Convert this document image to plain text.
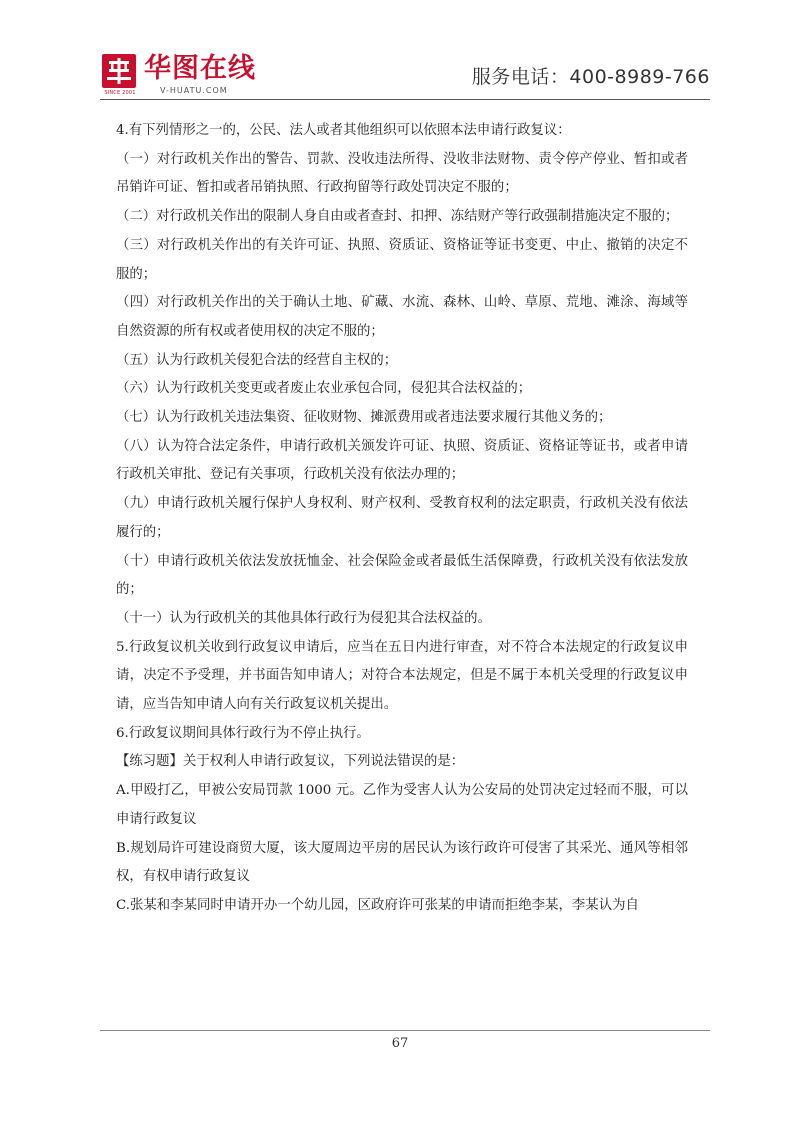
SINCE 2001
华图在线
V-HUATU.COM
服务电话：400-8989-766

4.有下列情形之一的，公民、法人或者其他组织可以依照本法申请行政复议：

（一）对行政机关作出的警告、罚款、没收违法所得、没收非法财物、责令停产停业、暂扣或者吊销许可证、暂扣或者吊销执照、行政拘留等行政处罚决定不服的；

（二）对行政机关作出的限制人身自由或者查封、扣押、冻结财产等行政强制措施决定不服的；

（三）对行政机关作出的有关许可证、执照、资质证、资格证等证书变更、中止、撤销的决定不服的；

（四）对行政机关作出的关于确认土地、矿藏、水流、森林、山岭、草原、荒地、滩涂、海域等自然资源的所有权或者使用权的决定不服的；

（五）认为行政机关侵犯合法的经营自主权的；

（六）认为行政机关变更或者废止农业承包合同，侵犯其合法权益的；

（七）认为行政机关违法集资、征收财物、摊派费用或者违法要求履行其他义务的；

（八）认为符合法定条件，申请行政机关颁发许可证、执照、资质证、资格证等证书，或者申请行政机关审批、登记有关事项，行政机关没有依法办理的；

（九）申请行政机关履行保护人身权利、财产权利、受教育权利的法定职责，行政机关没有依法履行的；

（十）申请行政机关依法发放抚恤金、社会保险金或者最低生活保障费，行政机关没有依法发放的；

（十一）认为行政机关的其他具体行政行为侵犯其合法权益的。

5.行政复议机关收到行政复议申请后，应当在五日内进行审查，对不符合本法规定的行政复议申请，决定不予受理，并书面告知申请人；对符合本法规定，但是不属于本机关受理的行政复议申请，应当告知申请人向有关行政复议机关提出。

6.行政复议期间具体行政行为不停止执行。

【练习题】关于权利人申请行政复议，下列说法错误的是：

A.甲殴打乙，甲被公安局罚款 1000 元。乙作为受害人认为公安局的处罚决定过轻而不服，可以申请行政复议

B.规划局许可建设商贸大厦，该大厦周边平房的居民认为该行政许可侵害了其采光、通风等相邻权，有权申请行政复议

C.张某和李某同时申请开办一个幼儿园，区政府许可张某的申请而拒绝李某，李某认为自

67
